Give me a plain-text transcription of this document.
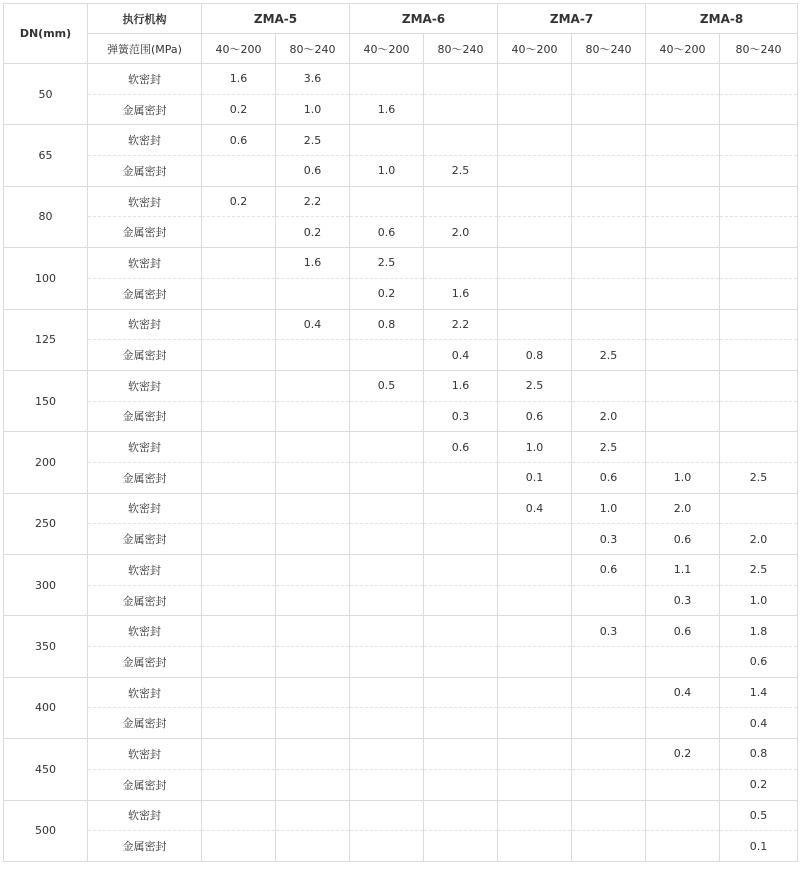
DN(mm)	执行机构	ZMA-5		ZMA-6		ZMA-7		ZMA-8	
	弹簧范围(MPa)	40～200	80～240	40～200	80～240	40～200	80～240	40～200	80～240
50	软密封	1.6	3.6						
	金属密封	0.2	1.0	1.6					
65	软密封	0.6	2.5						
	金属密封		0.6	1.0	2.5				
80	软密封	0.2	2.2						
	金属密封		0.2	0.6	2.0				
100	软密封		1.6	2.5					
	金属密封			0.2	1.6				
125	软密封		0.4	0.8	2.2				
	金属密封				0.4	0.8	2.5		
150	软密封			0.5	1.6	2.5			
	金属密封				0.3	0.6	2.0		
200	软密封				0.6	1.0	2.5		
	金属密封					0.1	0.6	1.0	2.5
250	软密封					0.4	1.0	2.0	
	金属密封						0.3	0.6	2.0
300	软密封						0.6	1.1	2.5
	金属密封							0.3	1.0
350	软密封						0.3	0.6	1.8
	金属密封								0.6
400	软密封							0.4	1.4
	金属密封								0.4
450	软密封							0.2	0.8
	金属密封								0.2
500	软密封								0.5
	金属密封								0.1
